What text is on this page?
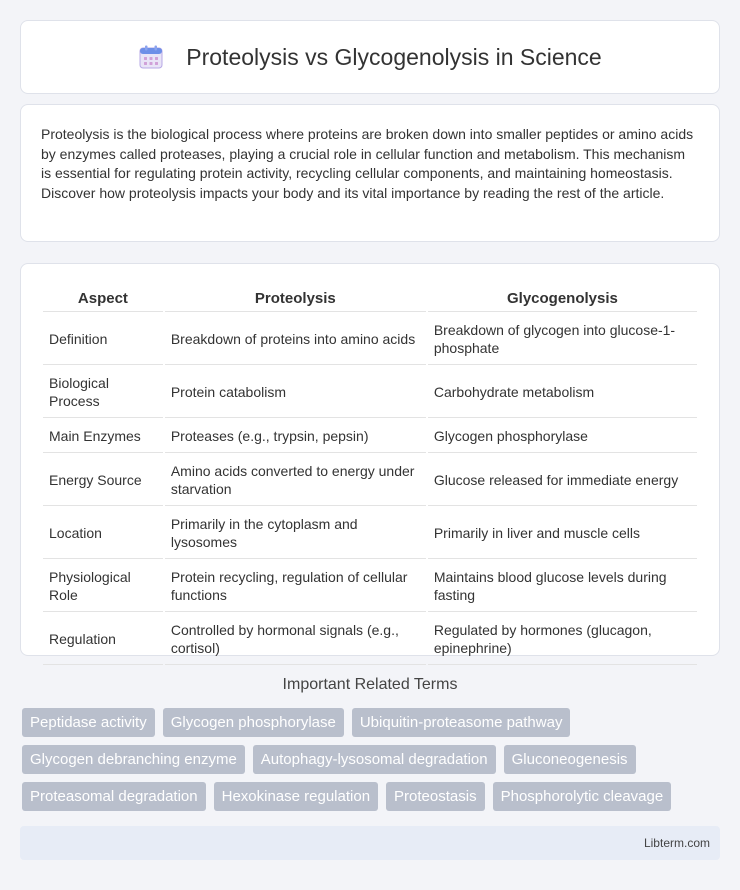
Proteolysis vs Glycogenolysis in Science

Proteolysis is the biological process where proteins are broken down into smaller peptides or amino acids by enzymes called proteases, playing a crucial role in cellular function and metabolism. This mechanism is essential for regulating protein activity, recycling cellular components, and maintaining homeostasis. Discover how proteolysis impacts your body and its vital importance by reading the rest of the article.

Aspect	Proteolysis	Glycogenolysis
Definition	Breakdown of proteins into amino acids	Breakdown of glycogen into glucose-1-phosphate
Biological Process	Protein catabolism	Carbohydrate metabolism
Main Enzymes	Proteases (e.g., trypsin, pepsin)	Glycogen phosphorylase
Energy Source	Amino acids converted to energy under starvation	Glucose released for immediate energy
Location	Primarily in the cytoplasm and lysosomes	Primarily in liver and muscle cells
Physiological Role	Protein recycling, regulation of cellular functions	Maintains blood glucose levels during fasting
Regulation	Controlled by hormonal signals (e.g., cortisol)	Regulated by hormones (glucagon, epinephrine)
Important Related Terms
Peptidase activity	Glycogen phosphorylase	Ubiquitin-proteasome pathway
Glycogen debranching enzyme	Autophagy-lysosomal degradation	Gluconeogenesis
Proteasomal degradation	Hexokinase regulation	Proteostasis	Phosphorolytic cleavage
Libterm.com
